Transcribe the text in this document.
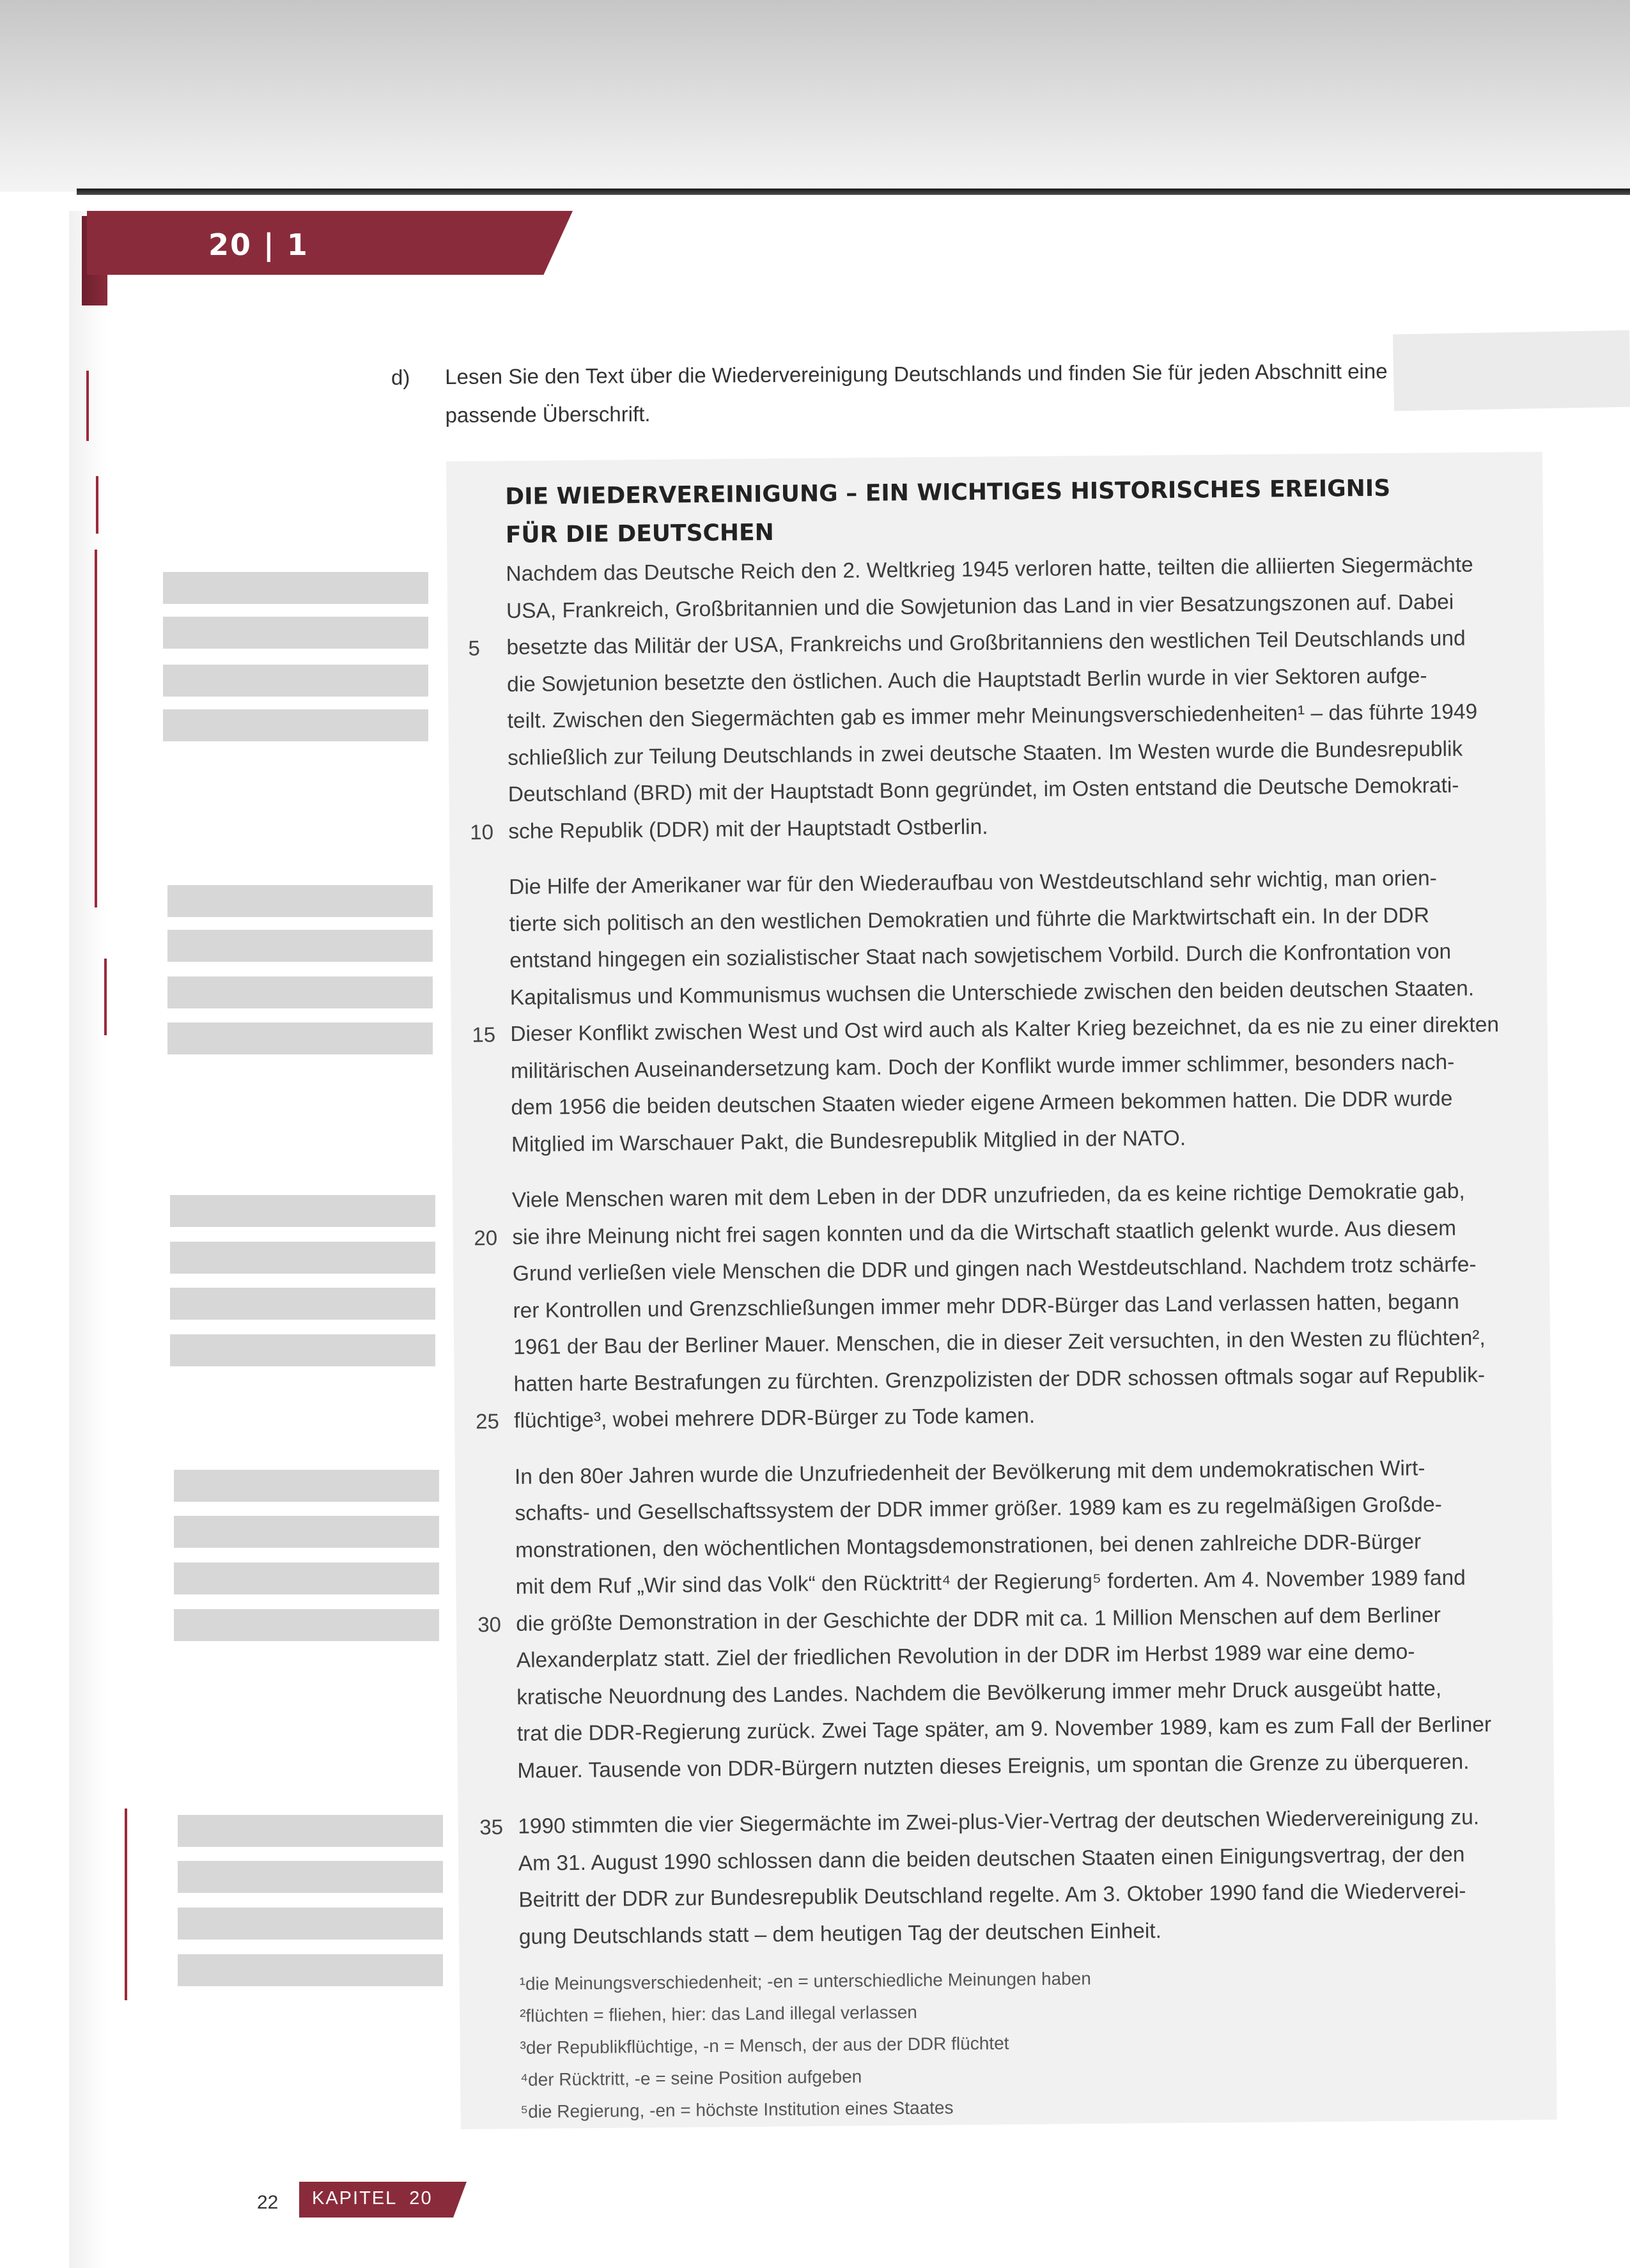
20 | 1
d) Lesen Sie den Text über die Wiedervereinigung Deutschlands und finden Sie für jeden Abschnitt eine passende Überschrift.
DIE WIEDERVEREINIGUNG – EIN WICHTIGES HISTORISCHES EREIGNIS
FÜR DIE DEUTSCHEN
Nachdem das Deutsche Reich den 2. Weltkrieg 1945 verloren hatte, teilten die alliierten Siegermächte
USA, Frankreich, Großbritannien und die Sowjetunion das Land in vier Besatzungszonen auf. Dabei
5 besetzte das Militär der USA, Frankreichs und Großbritanniens den westlichen Teil Deutschlands und
die Sowjetunion besetzte den östlichen. Auch die Hauptstadt Berlin wurde in vier Sektoren aufge-
teilt. Zwischen den Siegermächten gab es immer mehr Meinungsverschiedenheiten¹ – das führte 1949
schließlich zur Teilung Deutschlands in zwei deutsche Staaten. Im Westen wurde die Bundesrepublik
Deutschland (BRD) mit der Hauptstadt Bonn gegründet, im Osten entstand die Deutsche Demokrati-
10 sche Republik (DDR) mit der Hauptstadt Ostberlin.
Die Hilfe der Amerikaner war für den Wiederaufbau von Westdeutschland sehr wichtig, man orien-
tierte sich politisch an den westlichen Demokratien und führte die Marktwirtschaft ein. In der DDR
entstand hingegen ein sozialistischer Staat nach sowjetischem Vorbild. Durch die Konfrontation von
Kapitalismus und Kommunismus wuchsen die Unterschiede zwischen den beiden deutschen Staaten.
15 Dieser Konflikt zwischen West und Ost wird auch als Kalter Krieg bezeichnet, da es nie zu einer direkten
militärischen Auseinandersetzung kam. Doch der Konflikt wurde immer schlimmer, besonders nach-
dem 1956 die beiden deutschen Staaten wieder eigene Armeen bekommen hatten. Die DDR wurde
Mitglied im Warschauer Pakt, die Bundesrepublik Mitglied in der NATO.
Viele Menschen waren mit dem Leben in der DDR unzufrieden, da es keine richtige Demokratie gab,
20 sie ihre Meinung nicht frei sagen konnten und da die Wirtschaft staatlich gelenkt wurde. Aus diesem
Grund verließen viele Menschen die DDR und gingen nach Westdeutschland. Nachdem trotz schärfe-
rer Kontrollen und Grenzschließungen immer mehr DDR-Bürger das Land verlassen hatten, begann
1961 der Bau der Berliner Mauer. Menschen, die in dieser Zeit versuchten, in den Westen zu flüchten²,
hatten harte Bestrafungen zu fürchten. Grenzpolizisten der DDR schossen oftmals sogar auf Republik-
25 flüchtige³, wobei mehrere DDR-Bürger zu Tode kamen.
In den 80er Jahren wurde die Unzufriedenheit der Bevölkerung mit dem undemokratischen Wirt-
schafts- und Gesellschaftssystem der DDR immer größer. 1989 kam es zu regelmäßigen Großde-
monstrationen, den wöchentlichen Montagsdemonstrationen, bei denen zahlreiche DDR-Bürger
mit dem Ruf „Wir sind das Volk“ den Rücktritt⁴ der Regierung⁵ forderten. Am 4. November 1989 fand
30 die größte Demonstration in der Geschichte der DDR mit ca. 1 Million Menschen auf dem Berliner
Alexanderplatz statt. Ziel der friedlichen Revolution in der DDR im Herbst 1989 war eine demo-
kratische Neuordnung des Landes. Nachdem die Bevölkerung immer mehr Druck ausgeübt hatte,
trat die DDR-Regierung zurück. Zwei Tage später, am 9. November 1989, kam es zum Fall der Berliner
Mauer. Tausende von DDR-Bürgern nutzten dieses Ereignis, um spontan die Grenze zu überqueren.
35 1990 stimmten die vier Siegermächte im Zwei-plus-Vier-Vertrag der deutschen Wiedervereinigung zu.
Am 31. August 1990 schlossen dann die beiden deutschen Staaten einen Einigungsvertrag, der den
Beitritt der DDR zur Bundesrepublik Deutschland regelte. Am 3. Oktober 1990 fand die Wiederverei-
gung Deutschlands statt – dem heutigen Tag der deutschen Einheit.
¹die Meinungsverschiedenheit; -en = unterschiedliche Meinungen haben
²flüchten = fliehen, hier: das Land illegal verlassen
³der Republikflüchtige, -n = Mensch, der aus der DDR flüchtet
⁴der Rücktritt, -e = seine Position aufgeben
⁵die Regierung, -en = höchste Institution eines Staates
22 KAPITEL  20
